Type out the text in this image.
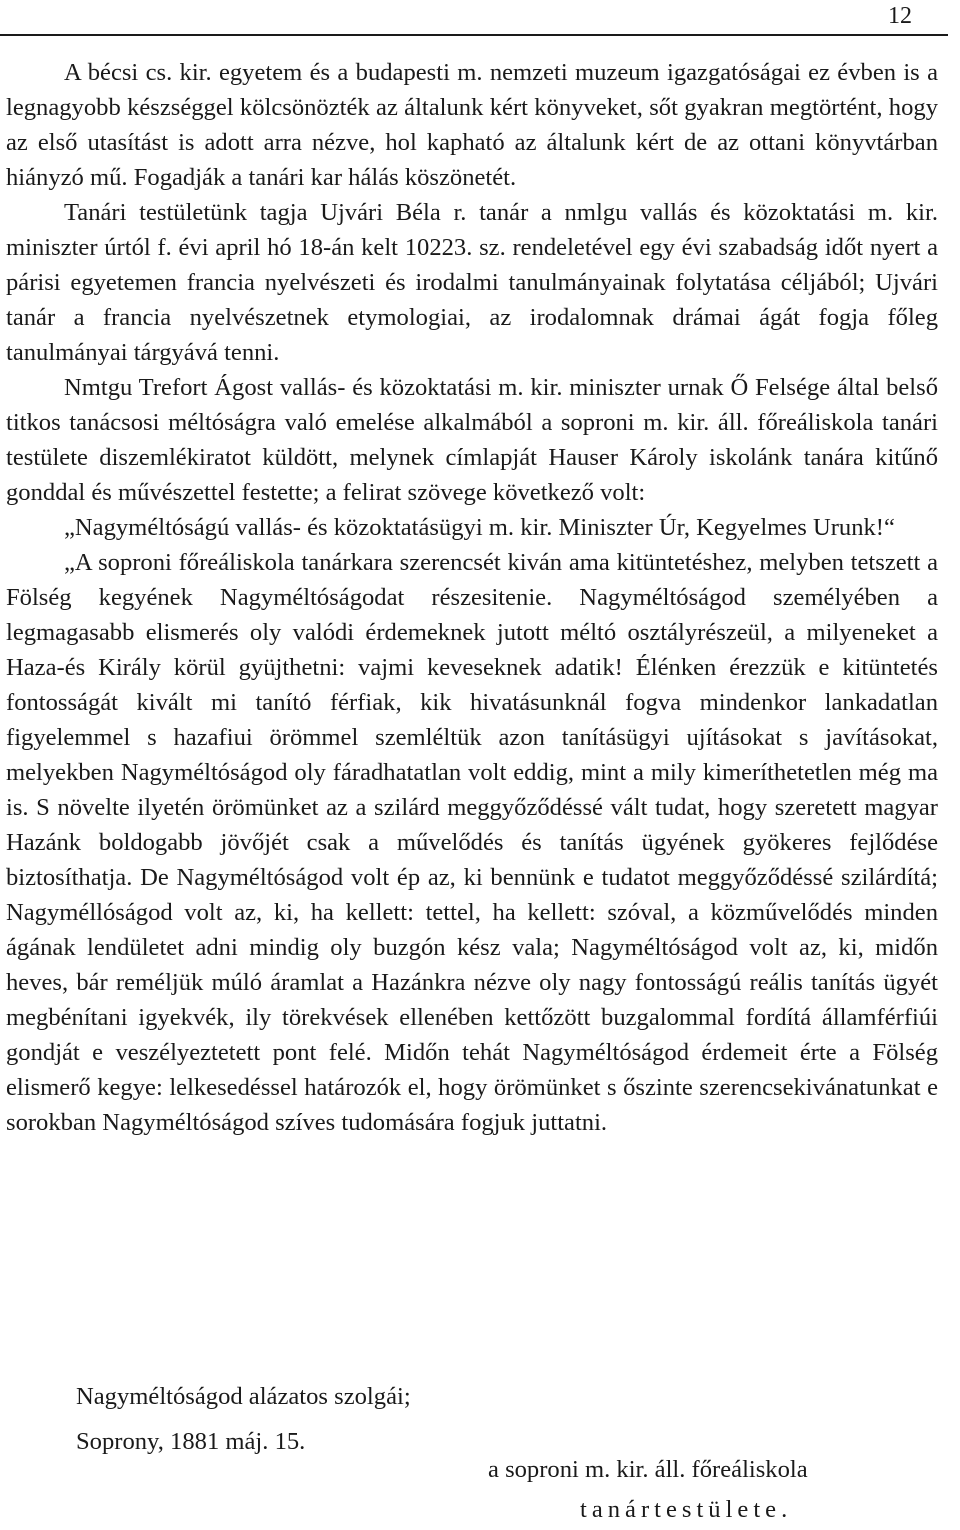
12

A bécsi cs. kir. egyetem és a budapesti m. nemzeti muzeum igazgatóságai ez évben is a legnagyobb készséggel kölcsönözték az általunk kért könyveket, sőt gyakran megtörtént, hogy az első utasítást is adott arra nézve, hol kapható az általunk kért de az ottani könyvtárban hiányzó mű. Fogadják a tanári kar hálás köszönetét.

Tanári testületünk tagja Ujvári Béla r. tanár a nmlgu vallás és közoktatási m. kir. miniszter úrtól f. évi april hó 18-án kelt 10223. sz. rendeletével egy évi szabadság időt nyert a párisi egyetemen francia nyelvészeti és irodalmi tanulmányainak folytatása céljából; Ujvári tanár a francia nyelvészetnek etymologiai, az irodalomnak drámai ágát fogja főleg tanulmányai tárgyává tenni.

Nmtgu Trefort Ágost vallás- és közoktatási m. kir. miniszter urnak Ő Felsége által belső titkos tanácsosi méltóságra való emelése alkalmából a soproni m. kir. áll. főreáliskola tanári testülete diszemlékiratot küldött, melynek címlapját Hauser Károly iskolánk tanára kitűnő gonddal és művészettel festette; a felirat szövege következő volt:

„Nagyméltóságú vallás- és közoktatásügyi m. kir. Miniszter Úr, Kegyelmes Urunk!“

„A soproni főreáliskola tanárkara szerencsét kiván ama kitüntetéshez, melyben tetszett a Fölség kegyének Nagyméltóságodat részesitenie. Nagyméltóságod személyében a legmagasabb elismerés oly valódi érdemeknek jutott méltó osztályrészeül, a milyeneket a Haza-és Király körül gyüjthetni: vajmi keveseknek adatik! Élénken érezzük e kitüntetés fontosságát kivált mi tanító férfiak, kik hivatásunknál fogva mindenkor lankadatlan figyelemmel s hazafiui örömmel szemléltük azon tanításügyi ujításokat s javításokat, melyekben Nagyméltóságod oly fáradhatatlan volt eddig, mint a mily kimeríthetetlen még ma is. S növelte ilyetén örömünket az a szilárd meggyőződéssé vált tudat, hogy szeretett magyar Hazánk boldogabb jövőjét csak a művelődés és tanítás ügyének gyökeres fejlődése biztosíthatja. De Nagyméltóságod volt ép az, ki bennünk e tudatot meggyőződéssé szilárdítá; Nagyméllóságod volt az, ki, ha kellett: tettel, ha kellett: szóval, a közművelődés minden ágának lendületet adni mindig oly buzgón kész vala; Nagyméltóságod volt az, ki, midőn heves, bár reméljük múló áramlat a Hazánkra nézve oly nagy fontosságú reális tanítás ügyét megbénítani igyekvék, ily törekvések ellenében kettőzött buzgalommal fordítá államférfiúi gondját e veszélyeztetett pont felé. Midőn tehát Nagyméltóságod érdemeit érte a Fölség elismerő kegye: lelkesedéssel határozók el, hogy örömünket s őszinte szerencsekivánatunkat e sorokban Nagyméltóságod szíves tudomására fogjuk juttatni.

Nagyméltóságod alázatos szolgái;
Soprony, 1881 máj. 15.
a soproni m. kir. áll. főreáliskola
tanártestülete.
